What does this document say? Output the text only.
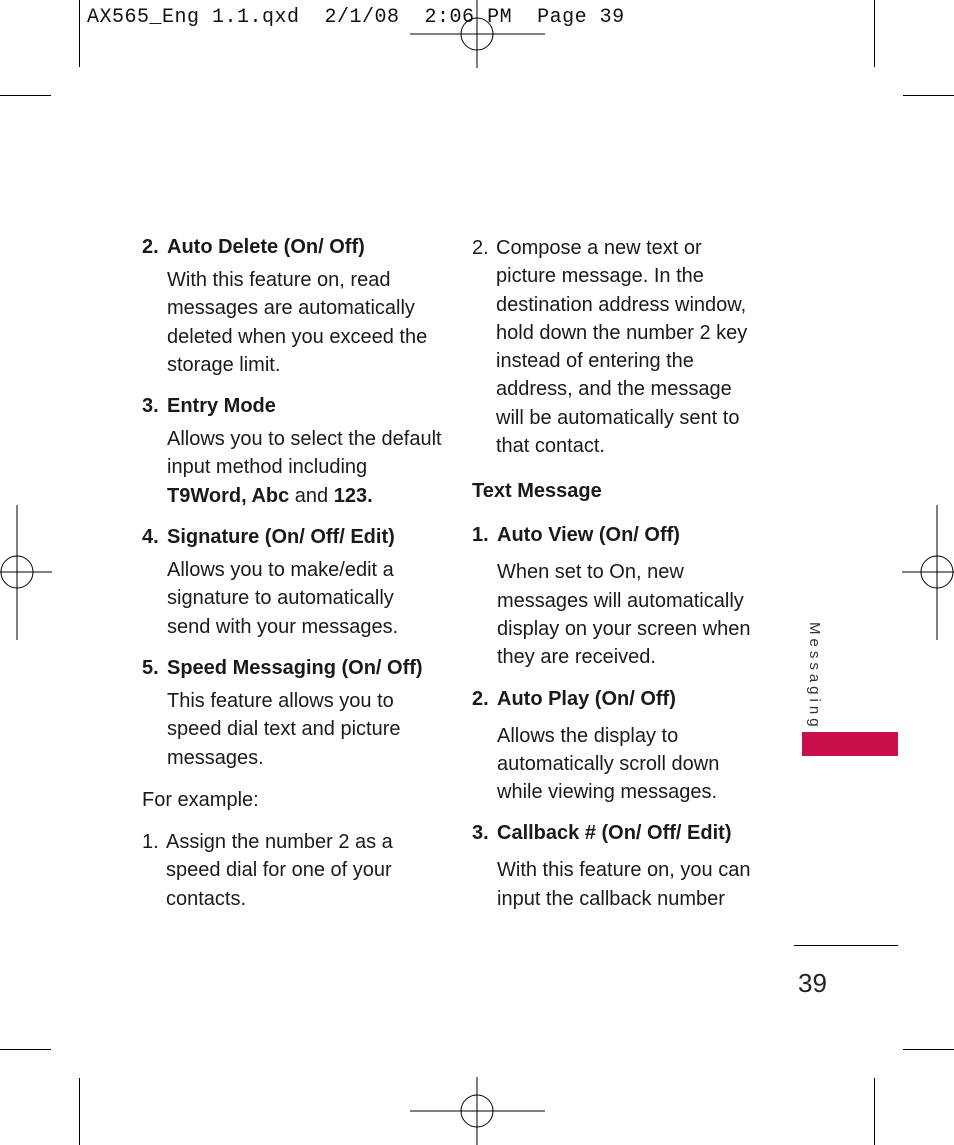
AX565_Eng 1.1.qxd  2/1/08  2:06 PM  Page 39
2. Auto Delete (On/ Off)
With this feature on, read messages are automatically deleted when you exceed the storage limit.
3. Entry Mode
Allows you to select the default input method including T9Word, Abc and 123.
4. Signature (On/ Off/ Edit)
Allows you to make/edit a signature to automatically send with your messages.
5. Speed Messaging (On/ Off)
This feature allows you to speed dial text and picture messages.
For example:
1. Assign the number 2 as a speed dial for one of your contacts.
2. Compose a new text or picture message. In the destination address window, hold down the number 2 key instead of entering the address, and the message will be automatically sent to that contact.
Text Message
1. Auto View (On/ Off)
When set to On, new messages will automatically display on your screen when they are received.
2. Auto Play (On/ Off)
Allows the display to automatically scroll down while viewing messages.
3. Callback # (On/ Off/ Edit)
With this feature on, you can input the callback number
Messaging
39
